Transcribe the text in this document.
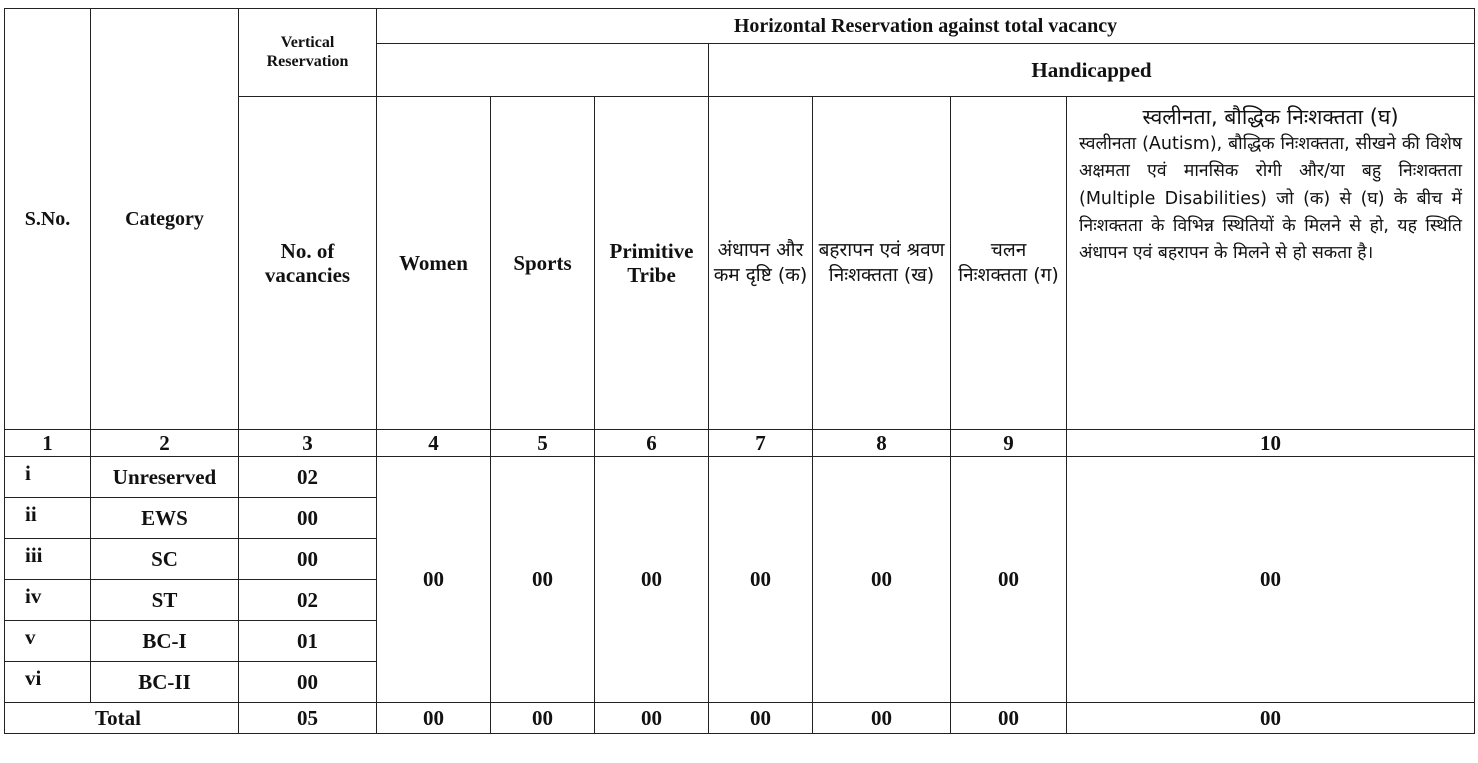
S.No.	Category	Vertical Reservation	Horizontal Reservation against total vacancy						
						Handicapped			
		No. of vacancies	Women	Sports	Primitive Tribe	अंधापन और कम दृष्टि (क)	बहरापन एवं श्रवण निःशक्तता (ख)	चलन निःशक्तता (ग)	स्वलीनता, बौद्धिक निःशक्तता (घ)
स्वलीनता (Autism), बौद्धिक निःशक्तता, सीखने की विशेष अक्षमता एवं मानसिक रोगी और/या बहु निःशक्तता (Multiple Disabilities) जो (क) से (घ) के बीच में निःशक्तता के विभिन्न स्थितियों के मिलने से हो, यह स्थिति अंधापन एवं बहरापन के मिलने से हो सकता है।

1	2	3	4	5	6	7	8	9	10
i	Unreserved	02	00	00	00	00	00	00	00
ii	EWS	00							
iii	SC	00							
iv	ST	02							
v	BC-I	01							
vi	BC-II	00							
Total		05	00	00	00	00	00	00	00
